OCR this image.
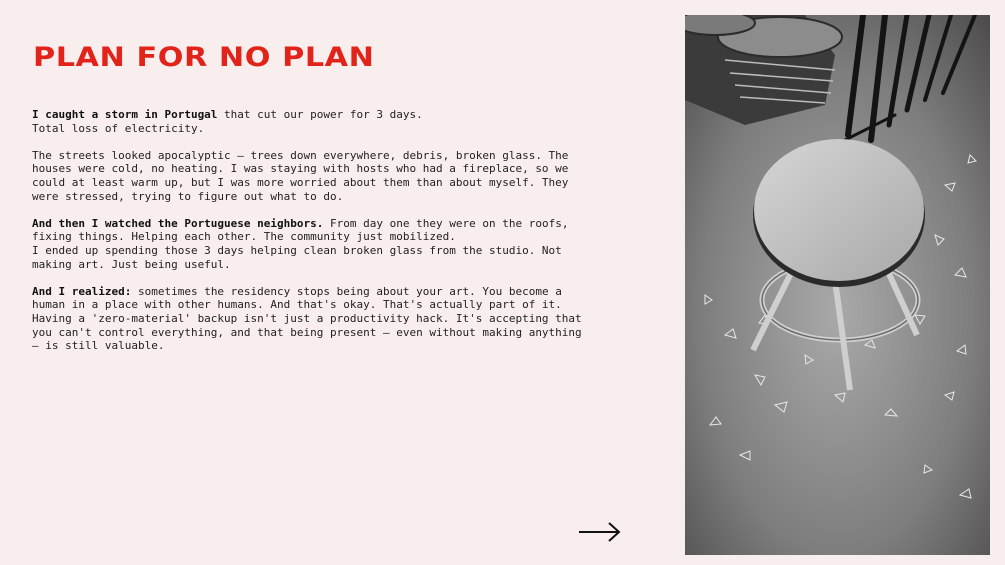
PLAN FOR NO PLAN

I caught a storm in Portugal that cut our power for 3 days.
Total loss of electricity.

The streets looked apocalyptic — trees down everywhere, debris, broken glass. The houses were cold, no heating. I was staying with hosts who had a fireplace, so we could at least warm up, but I was more worried about them than about myself. They were stressed, trying to figure out what to do.

And then I watched the Portuguese neighbors. From day one they were on the roofs, fixing things. Helping each other. The community just mobilized.
I ended up spending those 3 days helping clean broken glass from the studio. Not making art. Just being useful.

And I realized: sometimes the residency stops being about your art. You become a human in a place with other humans. And that's okay. That's actually part of it.
Having a 'zero-material' backup isn't just a productivity hack. It's accepting that you can't control everything, and that being present — even without making anything — is still valuable.
